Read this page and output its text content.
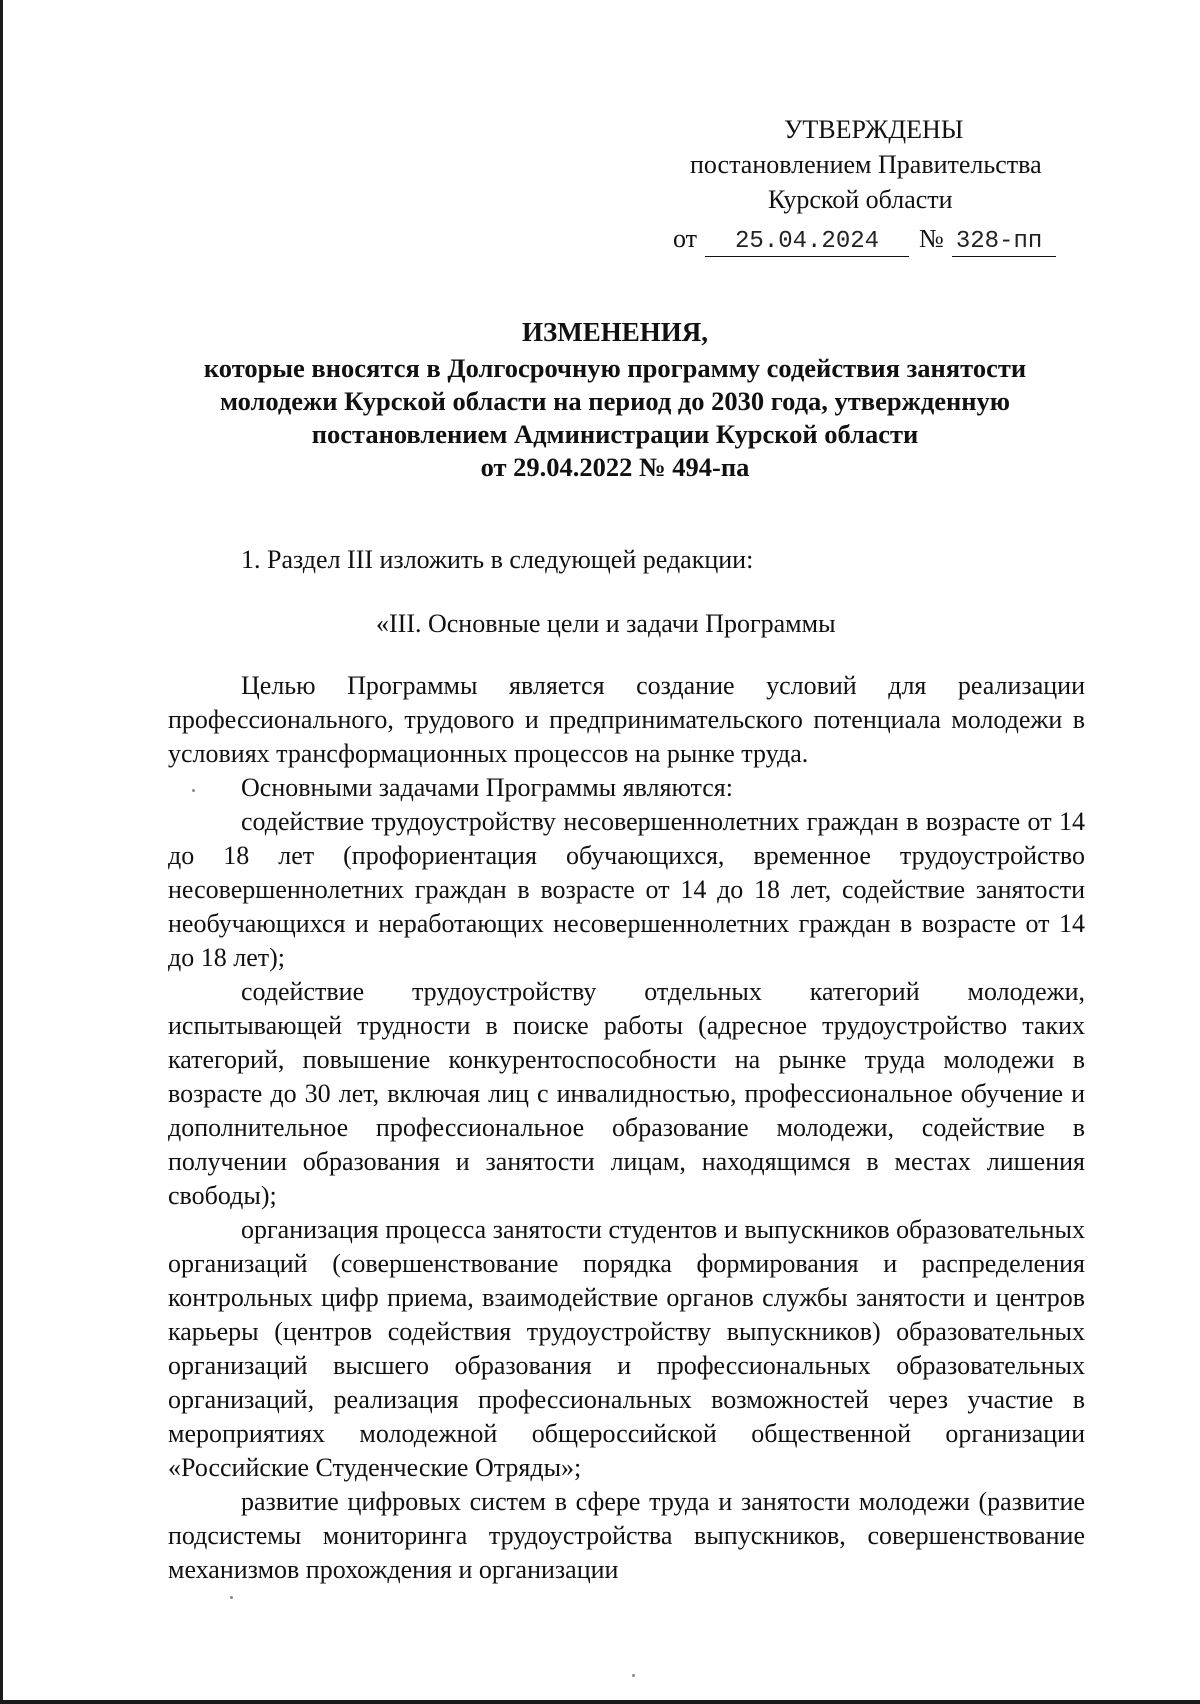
УТВЕРЖДЕНЫ
постановлением Правительства
Курской области
от 25.04.2024 № 328-пп
ИЗМЕНЕНИЯ,
которые вносятся в Долгосрочную программу содействия занятости
молодежи Курской области на период до 2030 года, утвержденную
постановлением Администрации Курской области
от 29.04.2022 № 494-па
1. Раздел III изложить в следующей редакции:
«III. Основные цели и задачи Программы

Целью Программы является создание условий для реализации профессионального, трудового и предпринимательского потенциала молодежи в условиях трансформационных процессов на рынке труда.

Основными задачами Программы являются:

содействие трудоустройству несовершеннолетних граждан в возрасте от 14 до 18 лет (профориентация обучающихся, временное трудоустройство несовершеннолетних граждан в возрасте от 14 до 18 лет, содействие занятости необучающихся и неработающих несовершеннолетних граждан в возрасте от 14 до 18 лет);

содействие трудоустройству отдельных категорий молодежи, испытывающей трудности в поиске работы (адресное трудоустройство таких категорий, повышение конкурентоспособности на рынке труда молодежи в возрасте до 30 лет, включая лиц с инвалидностью, профессиональное обучение и дополнительное профессиональное образование молодежи, содействие в получении образования и занятости лицам, находящимся в местах лишения свободы);

организация процесса занятости студентов и выпускников образовательных организаций (совершенствование порядка формирования и распределения контрольных цифр приема, взаимодействие органов службы занятости и центров карьеры (центров содействия трудоустройству выпускников) образовательных организаций высшего образования и профессиональных образовательных организаций, реализация профессиональных возможностей через участие в мероприятиях молодежной общероссийской общественной организации «Российские Студенческие Отряды»;

развитие цифровых систем в сфере труда и занятости молодежи (развитие подсистемы мониторинга трудоустройства выпускников, совершенствование механизмов прохождения и организации
